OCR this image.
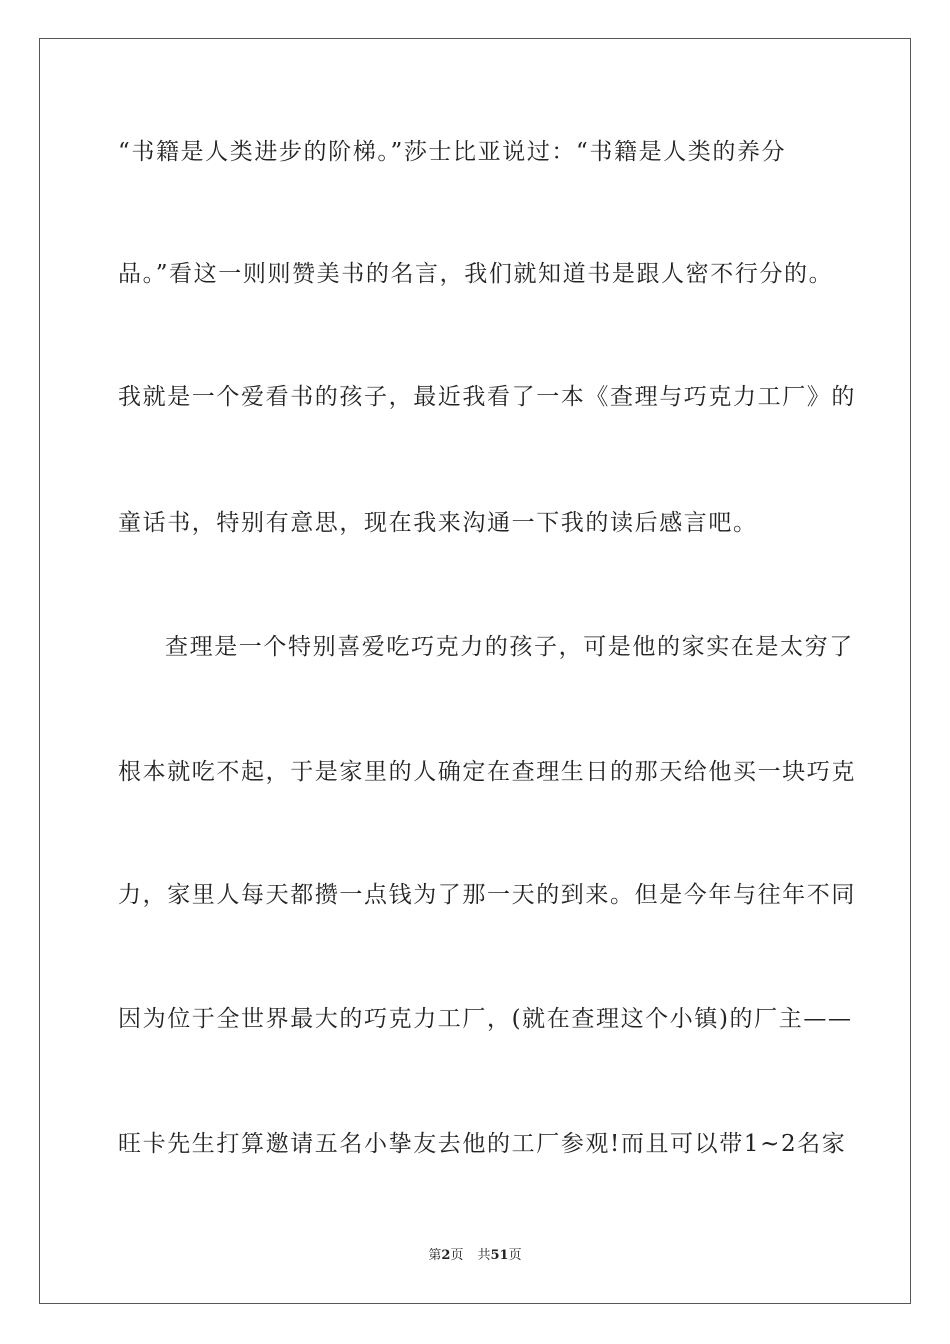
“书籍是人类进步的阶梯。”莎士比亚说过：“书籍是人类的养分
品。”看这一则则赞美书的名言，我们就知道书是跟人密不行分的。
我就是一个爱看书的孩子，最近我看了一本《查理与巧克力工厂》的
童话书，特别有意思，现在我来沟通一下我的读后感言吧。
查理是一个特别喜爱吃巧克力的孩子，可是他的家实在是太穷了
根本就吃不起，于是家里的人确定在查理生日的那天给他买一块巧克
力，家里人每天都攒一点钱为了那一天的到来。但是今年与往年不同
因为位于全世界最大的巧克力工厂，(就在查理这个小镇)的厂主——
旺卡先生打算邀请五名小挚友去他的工厂参观!而且可以带1~2名家
第2页 共51页
